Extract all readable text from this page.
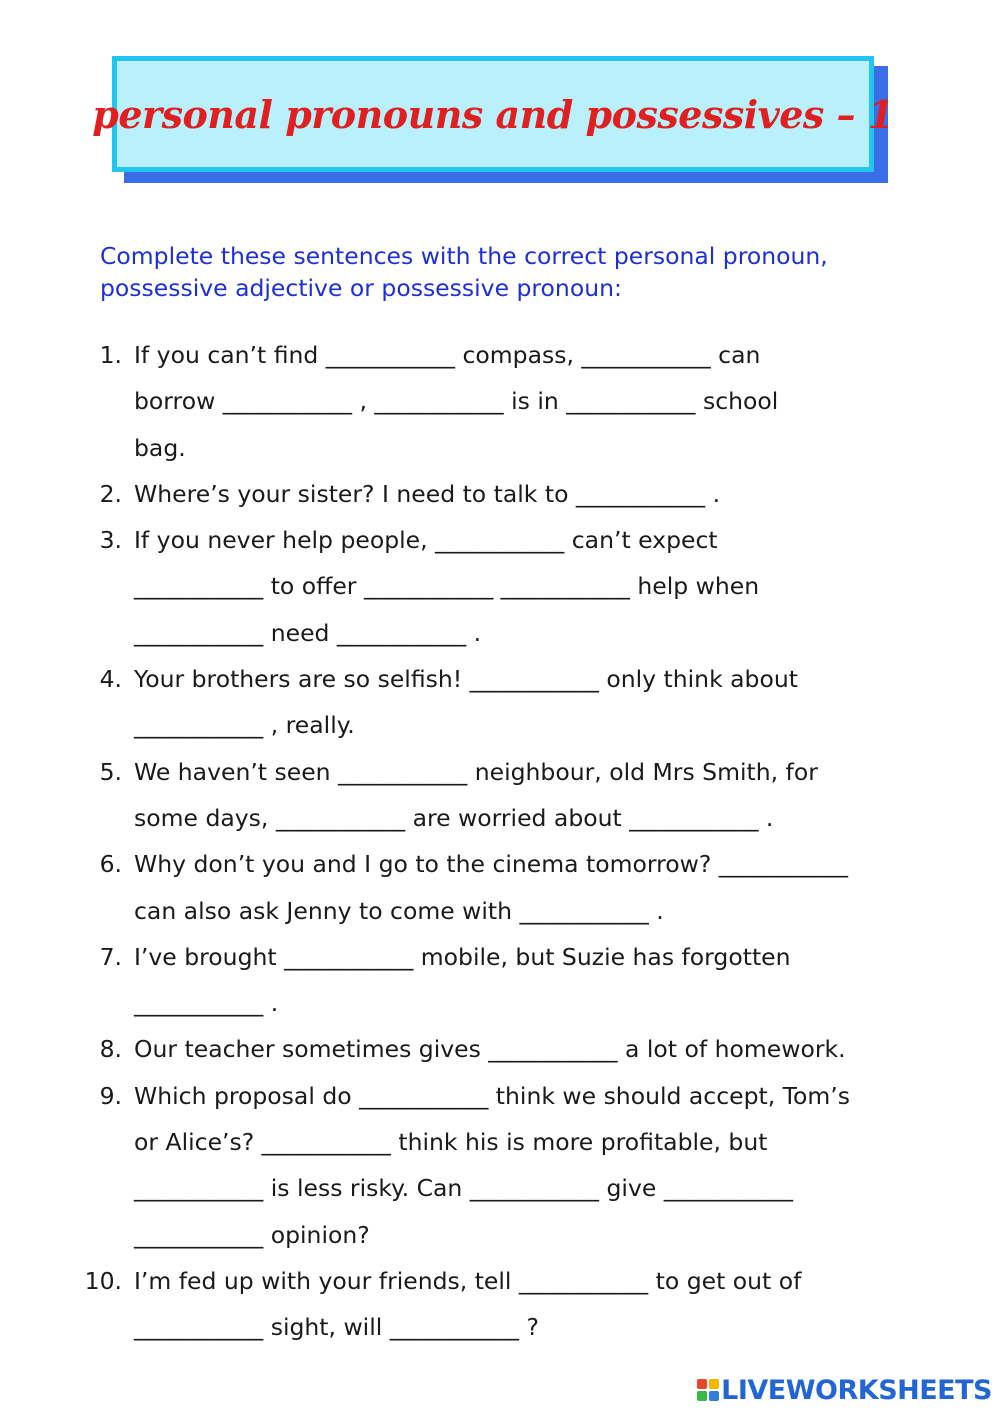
personal pronouns and possessives – 1
Complete these sentences with the correct personal pronoun, possessive adjective or possessive pronoun:
1. If you can’t find ___________ compass, ___________ can
borrow ___________ , ___________ is in ___________ school
bag.
2. Where’s your sister? I need to talk to ___________ .
3. If you never help people, ___________ can’t expect
___________ to offer ___________ ___________ help when
___________ need ___________ .
4. Your brothers are so selfish! ___________ only think about
___________ , really.
5. We haven’t seen ___________ neighbour, old Mrs Smith, for
some days, ___________ are worried about ___________ .
6. Why don’t you and I go to the cinema tomorrow? ___________
can also ask Jenny to come with ___________ .
7. I’ve brought ___________ mobile, but Suzie has forgotten
___________ .
8. Our teacher sometimes gives ___________ a lot of homework.
9. Which proposal do ___________ think we should accept, Tom’s
or Alice’s? ___________ think his is more profitable, but
___________ is less risky. Can ___________ give ___________
___________ opinion?
10. I’m fed up with your friends, tell ___________ to get out of
___________ sight, will ___________ ?
LIVEWORKSHEETS
